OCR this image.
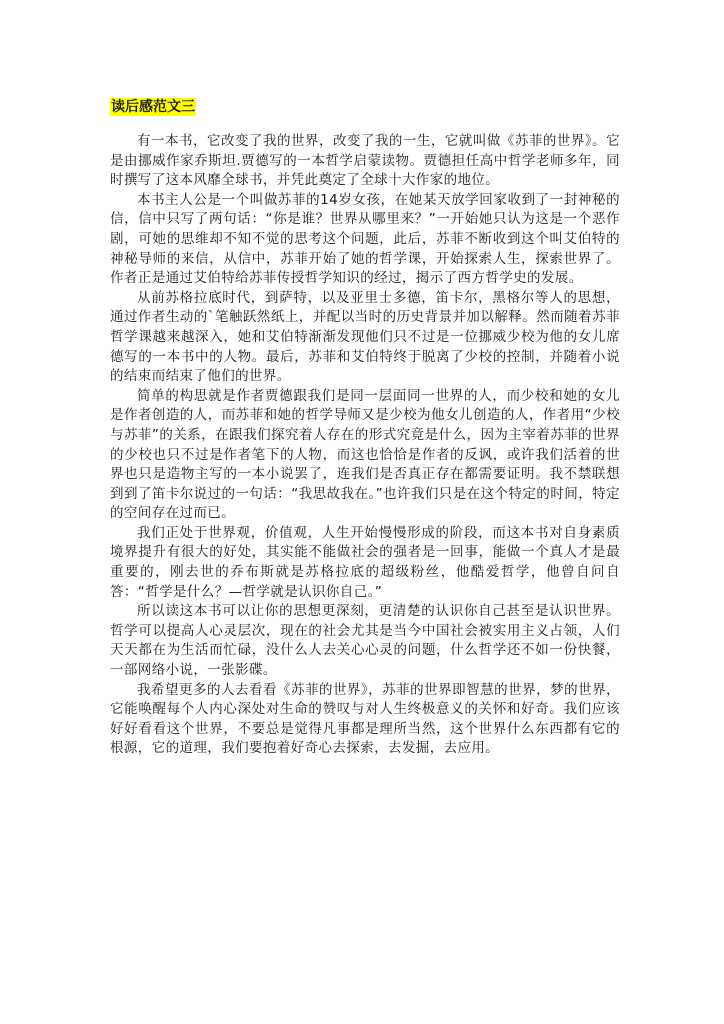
读后感范文三

有一本书，它改变了我的世界，改变了我的一生，它就叫做《苏菲的世界》。它是由挪威作家乔斯坦.贾德写的一本哲学启蒙读物。贾德担任高中哲学老师多年，同时撰写了这本风靡全球书，并凭此奠定了全球十大作家的地位。

本书主人公是一个叫做苏菲的14岁女孩，在她某天放学回家收到了一封神秘的信，信中只写了两句话：“你是谁？世界从哪里来？”一开始她只认为这是一个恶作剧，可她的思维却不知不觉的思考这个问题，此后，苏菲不断收到这个叫艾伯特的神秘导师的来信，从信中，苏菲开始了她的哲学课，开始探索人生，探索世界了。作者正是通过艾伯特给苏菲传授哲学知识的经过，揭示了西方哲学史的发展。

从前苏格拉底时代，到萨特，以及亚里士多德，笛卡尔，黑格尔等人的思想，通过作者生动的`笔触跃然纸上，并配以当时的历史背景并加以解释。然而随着苏菲哲学课越来越深入，她和艾伯特渐渐发现他们只不过是一位挪威少校为他的女儿席德写的一本书中的人物。最后，苏菲和艾伯特终于脱离了少校的控制，并随着小说的结束而结束了他们的世界。

简单的构思就是作者贾德跟我们是同一层面同一世界的人，而少校和她的女儿是作者创造的人，而苏菲和她的哲学导师又是少校为他女儿创造的人，作者用“少校与苏菲”的关系，在跟我们探究着人存在的形式究竟是什么，因为主宰着苏菲的世界的少校也只不过是作者笔下的人物，而这也恰恰是作者的反讽，或许我们活着的世界也只是造物主写的一本小说罢了，连我们是否真正存在都需要证明。我不禁联想到到了笛卡尔说过的一句话：“我思故我在。”也许我们只是在这个特定的时间，特定的空间存在过而已。

我们正处于世界观，价值观，人生开始慢慢形成的阶段，而这本书对自身素质境界提升有很大的好处，其实能不能做社会的强者是一回事，能做一个真人才是最重要的，刚去世的乔布斯就是苏格拉底的超级粉丝，他酷爱哲学，他曾自问自答：“哲学是什么？—哲学就是认识你自己。”

所以读这本书可以让你的思想更深刻，更清楚的认识你自己甚至是认识世界。哲学可以提高人心灵层次，现在的社会尤其是当今中国社会被实用主义占领，人们天天都在为生活而忙碌，没什么人去关心心灵的问题，什么哲学还不如一份快餐，一部网络小说，一张影碟。

我希望更多的人去看看《苏菲的世界》，苏菲的世界即智慧的世界，梦的世界，它能唤醒每个人内心深处对生命的赞叹与对人生终极意义的关怀和好奇。我们应该好好看看这个世界，不要总是觉得凡事都是理所当然，这个世界什么东西都有它的根源，它的道理，我们要抱着好奇心去探索，去发掘，去应用。
